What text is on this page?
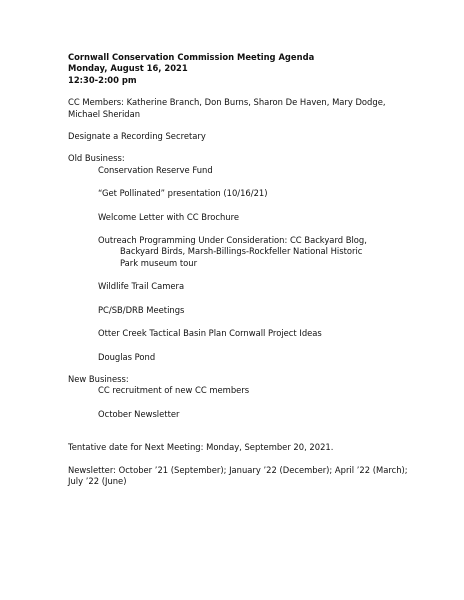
Cornwall Conservation Commission Meeting Agenda
Monday, August 16, 2021
12:30-2:00 pm
CC Members: Katherine Branch, Don Burns, Sharon De Haven, Mary Dodge,
Michael Sheridan
Designate a Recording Secretary
Old Business:
Conservation Reserve Fund
“Get Pollinated” presentation (10/16/21)
Welcome Letter with CC Brochure
Outreach Programming Under Consideration: CC Backyard Blog,
Backyard Birds, Marsh-Billings-Rockfeller National Historic
Park museum tour
Wildlife Trail Camera
PC/SB/DRB Meetings
Otter Creek Tactical Basin Plan Cornwall Project Ideas
Douglas Pond
New Business:
CC recruitment of new CC members
October Newsletter
Tentative date for Next Meeting: Monday, September 20, 2021.
Newsletter: October ’21 (September); January ’22 (December); April ’22 (March);
July ’22 (June)
